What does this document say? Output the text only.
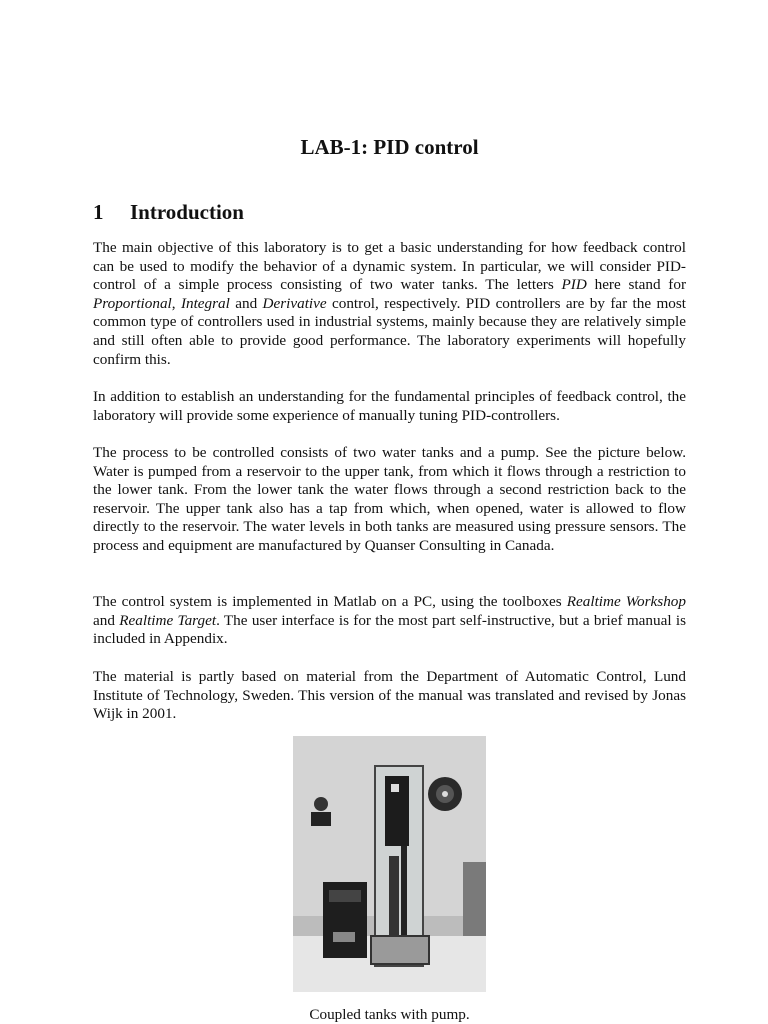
LAB-1: PID control
1 Introduction

The main objective of this laboratory is to get a basic understanding for how feedback control can be used to modify the behavior of a dynamic system. In particular, we will consider PID-control of a simple process consisting of two water tanks. The letters PID here stand for Proportional, Integral and Derivative control, respectively. PID controllers are by far the most common type of controllers used in industrial systems, mainly because they are relatively simple and still often able to provide good performance. The laboratory experiments will hopefully confirm this.

In addition to establish an understanding for the fundamental principles of feedback control, the laboratory will provide some experience of manually tuning PID-controllers.

The process to be controlled consists of two water tanks and a pump. See the picture below. Water is pumped from a reservoir to the upper tank, from which it flows through a restriction to the lower tank. From the lower tank the water flows through a second restriction back to the reservoir. The upper tank also has a tap from which, when opened, water is allowed to flow directly to the reservoir. The water levels in both tanks are measured using pressure sensors. The process and equipment are manufactured by Quanser Consulting in Canada.

The control system is implemented in Matlab on a PC, using the toolboxes Realtime Workshop and Realtime Target. The user interface is for the most part self-instructive, but a brief manual is included in Appendix.

The material is partly based on material from the Department of Automatic Control, Lund Institute of Technology, Sweden. This version of the manual was translated and revised by Jonas Wijk in 2001.

Coupled tanks with pump.
